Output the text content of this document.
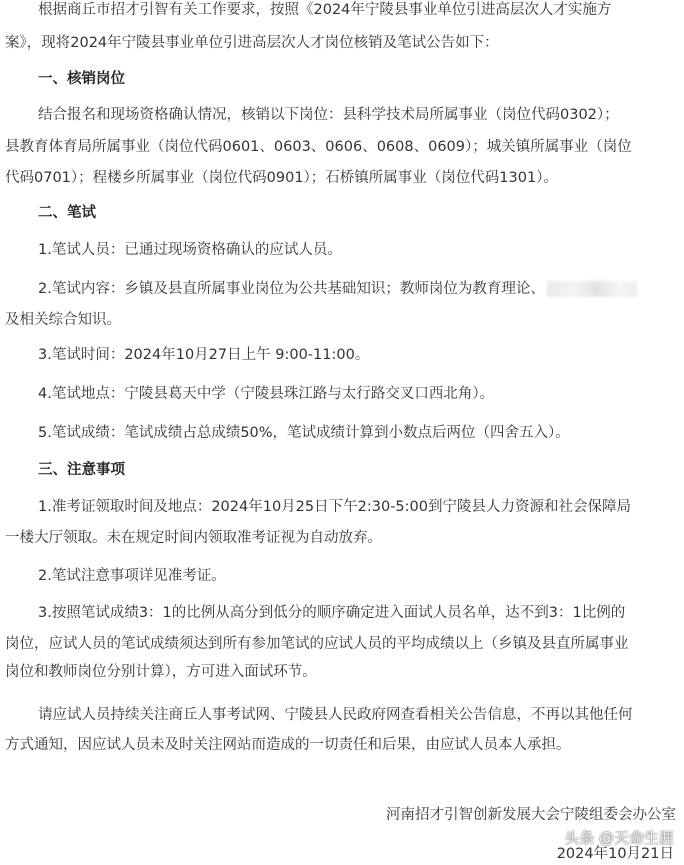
根据商丘市招才引智有关工作要求，按照《2024年宁陵县事业单位引进高层次人才实施方
案》，现将2024年宁陵县事业单位引进高层次人才岗位核销及笔试公告如下：
一、核销岗位
结合报名和现场资格确认情况，核销以下岗位：县科学技术局所属事业（岗位代码0302）；
县教育体育局所属事业（岗位代码0601、0603、0606、0608、0609）；城关镇所属事业（岗位
代码0701）；程楼乡所属事业（岗位代码0901）；石桥镇所属事业（岗位代码1301）。
二、笔试
1.笔试人员：已通过现场资格确认的应试人员。
2.笔试内容：乡镇及县直所属事业岗位为公共基础知识；教师岗位为教育理论、
及相关综合知识。
3.笔试时间：2024年10月27日上午 9:00-11:00。
4.笔试地点：宁陵县葛天中学（宁陵县珠江路与太行路交叉口西北角）。
5.笔试成绩：笔试成绩占总成绩50%，笔试成绩计算到小数点后两位（四舍五入）。
三、注意事项
1.准考证领取时间及地点：2024年10月25日下午2:30-5:00到宁陵县人力资源和社会保障局
一楼大厅领取。未在规定时间内领取准考证视为自动放弃。
2.笔试注意事项详见准考证。
3.按照笔试成绩3：1的比例从高分到低分的顺序确定进入面试人员名单，达不到3：1比例的
岗位，应试人员的笔试成绩须达到所有参加笔试的应试人员的平均成绩以上（乡镇及县直所属事业
岗位和教师岗位分别计算），方可进入面试环节。
请应试人员持续关注商丘人事考试网、宁陵县人民政府网查看相关公告信息，不再以其他任何
方式通知，因应试人员未及时关注网站而造成的一切责任和后果，由应试人员本人承担。
河南招才引智创新发展大会宁陵组委会办公室
头条 @天命生涯
2024年10月21日
